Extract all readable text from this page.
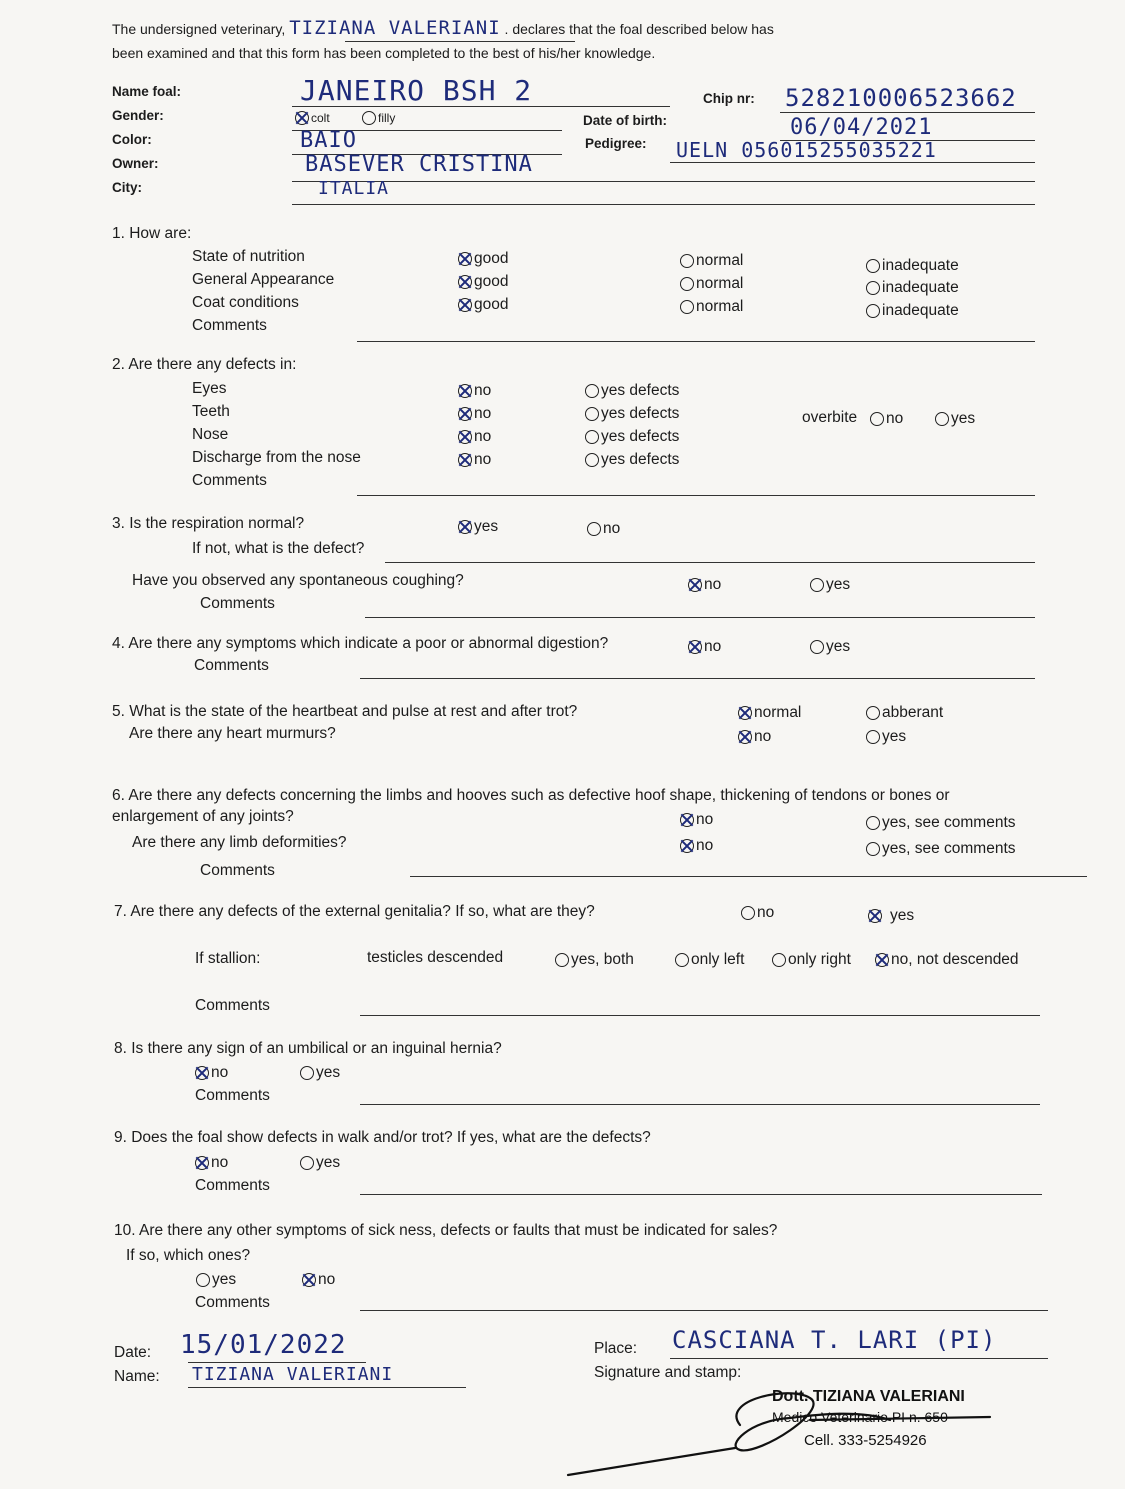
The undersigned veterinary, TIZIANA VALERIANI . declares that the foal described below has
been examined and that this form has been completed to the best of his/her knowledge.
Name foal:	JANEIRO BSH 2	Chip nr: 528210006523662
Gender:	colt	filly	Date of birth:	06/04/2021
Color:	BAIO	Pedigree: UELN 056015255035221
Owner:	BASEVER CRISTINA
City:	ITALIA
1. How are:
State of nutrition	good	normal	inadequate
General Appearance	good	normal	inadequate
Coat conditions	good	normal	inadequate
Comments
2. Are there any defects in:
Eyes	no	yes defects
Teeth	no	yes defects	overbite no	yes
Nose	no	yes defects
Discharge from the nose	no	yes defects
Comments
3. Is the respiration normal?	yes	no
If not, what is the defect?
Have you observed any spontaneous coughing?	no	yes
Comments
4. Are there any symptoms which indicate a poor or abnormal digestion?	no	yes
Comments
5. What is the state of the heartbeat and pulse at rest and after trot?	normal	abberant
Are there any heart murmurs?	no	yes
6. Are there any defects concerning the limbs and hooves such as defective hoof shape, thickening of tendons or bones or
enlargement of any joints?	no	yes, see comments
Are there any limb deformities?	no	yes, see comments
Comments
7. Are there any defects of the external genitalia? If so, what are they?	no	yes
If stallion:	testicles descended	yes, both	only left	only right	no, not descended
Comments
8. Is there any sign of an umbilical or an inguinal hernia?
no	yes
Comments
9. Does the foal show defects in walk and/or trot? If yes, what are the defects?
no	yes
Comments
10. Are there any other symptoms of sick ness, defects or faults that must be indicated for sales?
If so, which ones?
yes	no
Comments
Date: 15/01/2022
Name: TIZIANA VALERIANI
Place: CASCIANA T. LARI (PI)
Signature and stamp:
Dott. TIZIANA VALERIANI
Medico Veterinario PI n. 650
Cell. 333-5254926
